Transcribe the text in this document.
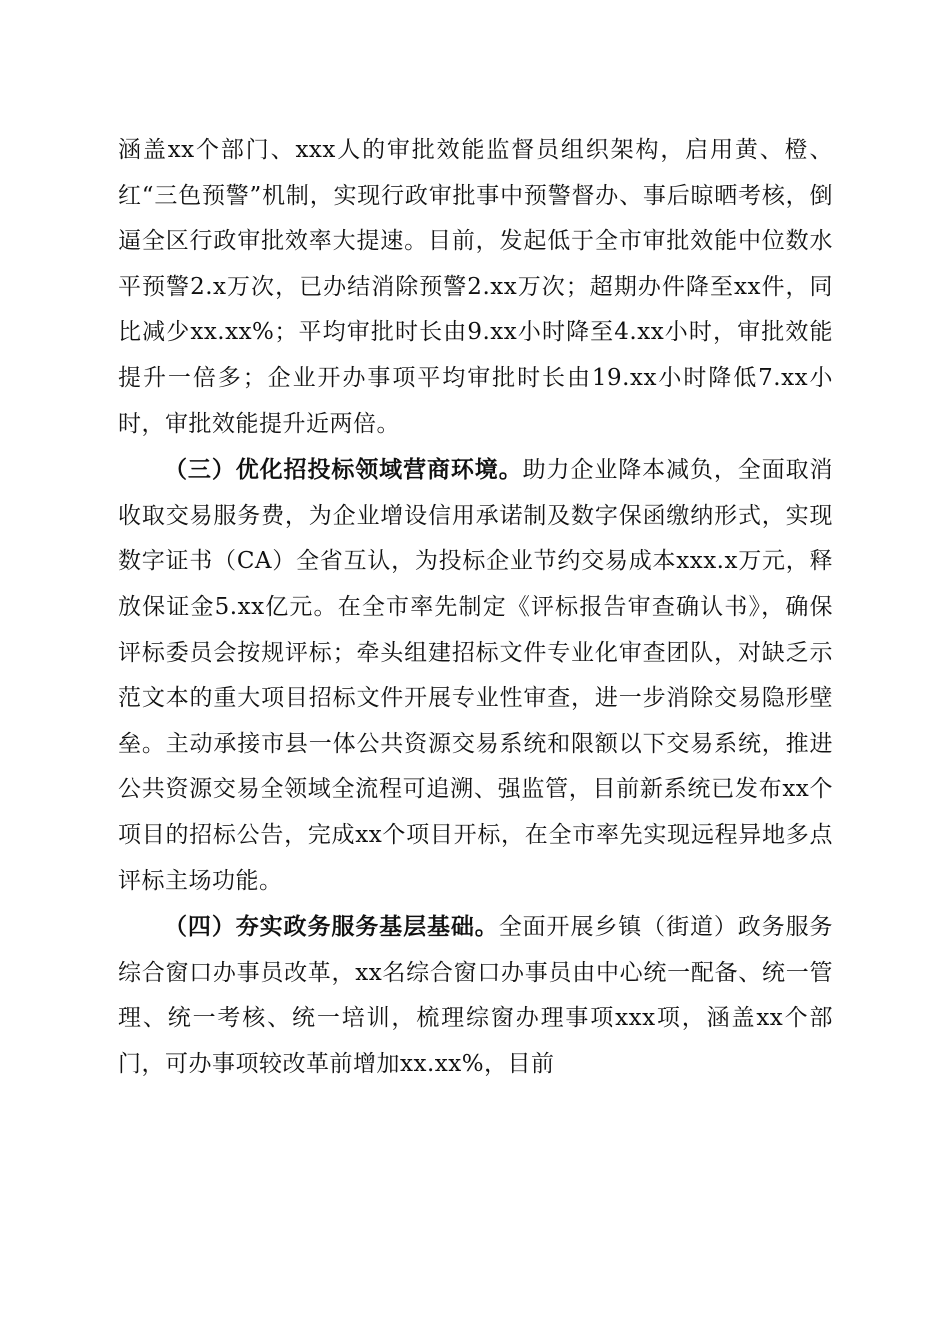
涵盖xx个部门、xxx人的审批效能监督员组织架构，启用黄、橙、红“三色预警”机制，实现行政审批事中预警督办、事后晾晒考核，倒逼全区行政审批效率大提速。目前，发起低于全市审批效能中位数水平预警2.x万次，已办结消除预警2.xx万次；超期办件降至xx件，同比减少xx.xx%；平均审批时长由9.xx小时降至4.xx小时，审批效能提升一倍多；企业开办事项平均审批时长由19.xx小时降低7.xx小时，审批效能提升近两倍。

（三）优化招投标领域营商环境。助力企业降本减负，全面取消收取交易服务费，为企业增设信用承诺制及数字保函缴纳形式，实现数字证书（CA）全省互认，为投标企业节约交易成本xxx.x万元，释放保证金5.xx亿元。在全市率先制定《评标报告审查确认书》，确保评标委员会按规评标；牵头组建招标文件专业化审查团队，对缺乏示范文本的重大项目招标文件开展专业性审查，进一步消除交易隐形壁垒。主动承接市县一体公共资源交易系统和限额以下交易系统，推进公共资源交易全领域全流程可追溯、强监管，目前新系统已发布xx个项目的招标公告，完成xx个项目开标，在全市率先实现远程异地多点评标主场功能。

（四）夯实政务服务基层基础。全面开展乡镇（街道）政务服务综合窗口办事员改革，xx名综合窗口办事员由中心统一配备、统一管理、统一考核、统一培训，梳理综窗办理事项xxx项，涵盖xx个部门，可办事项较改革前增加xx.xx%，目前
